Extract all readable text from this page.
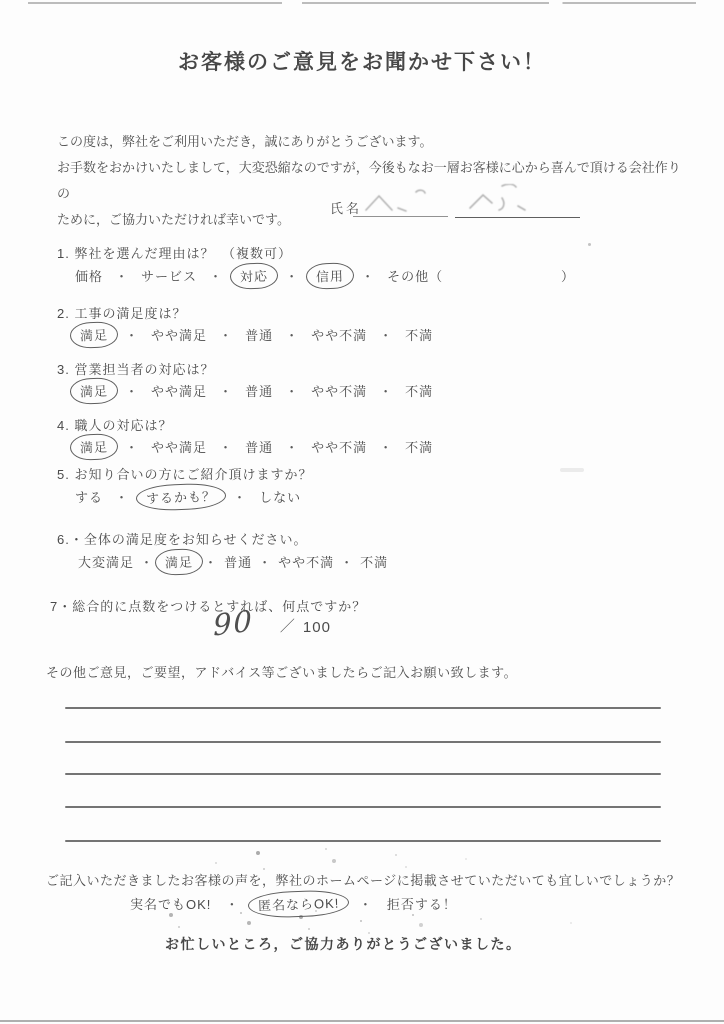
お客様のご意見をお聞かせ下さい！
この度は，弊社をご利用いただき，誠にありがとうございます。
お手数をおかけいたしまして，大変恐縮なのですが，今後もなお一層お客様に心から喜んで頂ける会社作りの
ために，ご協力いただければ幸いです。
氏名
1. 弊社を選んだ理由は？　（複数可）
価格 ・ サービス ・	対応	・	信用	・ その他（	）
2. 工事の満足度は？
満足	・ やや満足 ・ 普通 ・ やや不満 ・ 不満
3. 営業担当者の対応は？
満足	・ やや満足 ・ 普通 ・ やや不満 ・ 不満
4. 職人の対応は？
満足	・ やや満足 ・ 普通 ・ やや不満 ・ 不満
5. お知り合いの方にご紹介頂けますか？
する ・	するかも？	・ しない
6.・全体の満足度をお知らせください。
大変満足 ・ 満足 ・ 普通 ・ やや不満 ・ 不満
7・総合的に点数をつけるとすれば、何点ですか？
90 ／ 100
その他ご意見，ご要望，アドバイス等ございましたらご記入お願い致します。
ご記入いただきましたお客様の声を，弊社のホームページに掲載させていただいても宜しいでしょうか？
実名でもOK! ・	匿名ならOK!	・ 拒否する！
お忙しいところ，ご協力ありがとうございました。
